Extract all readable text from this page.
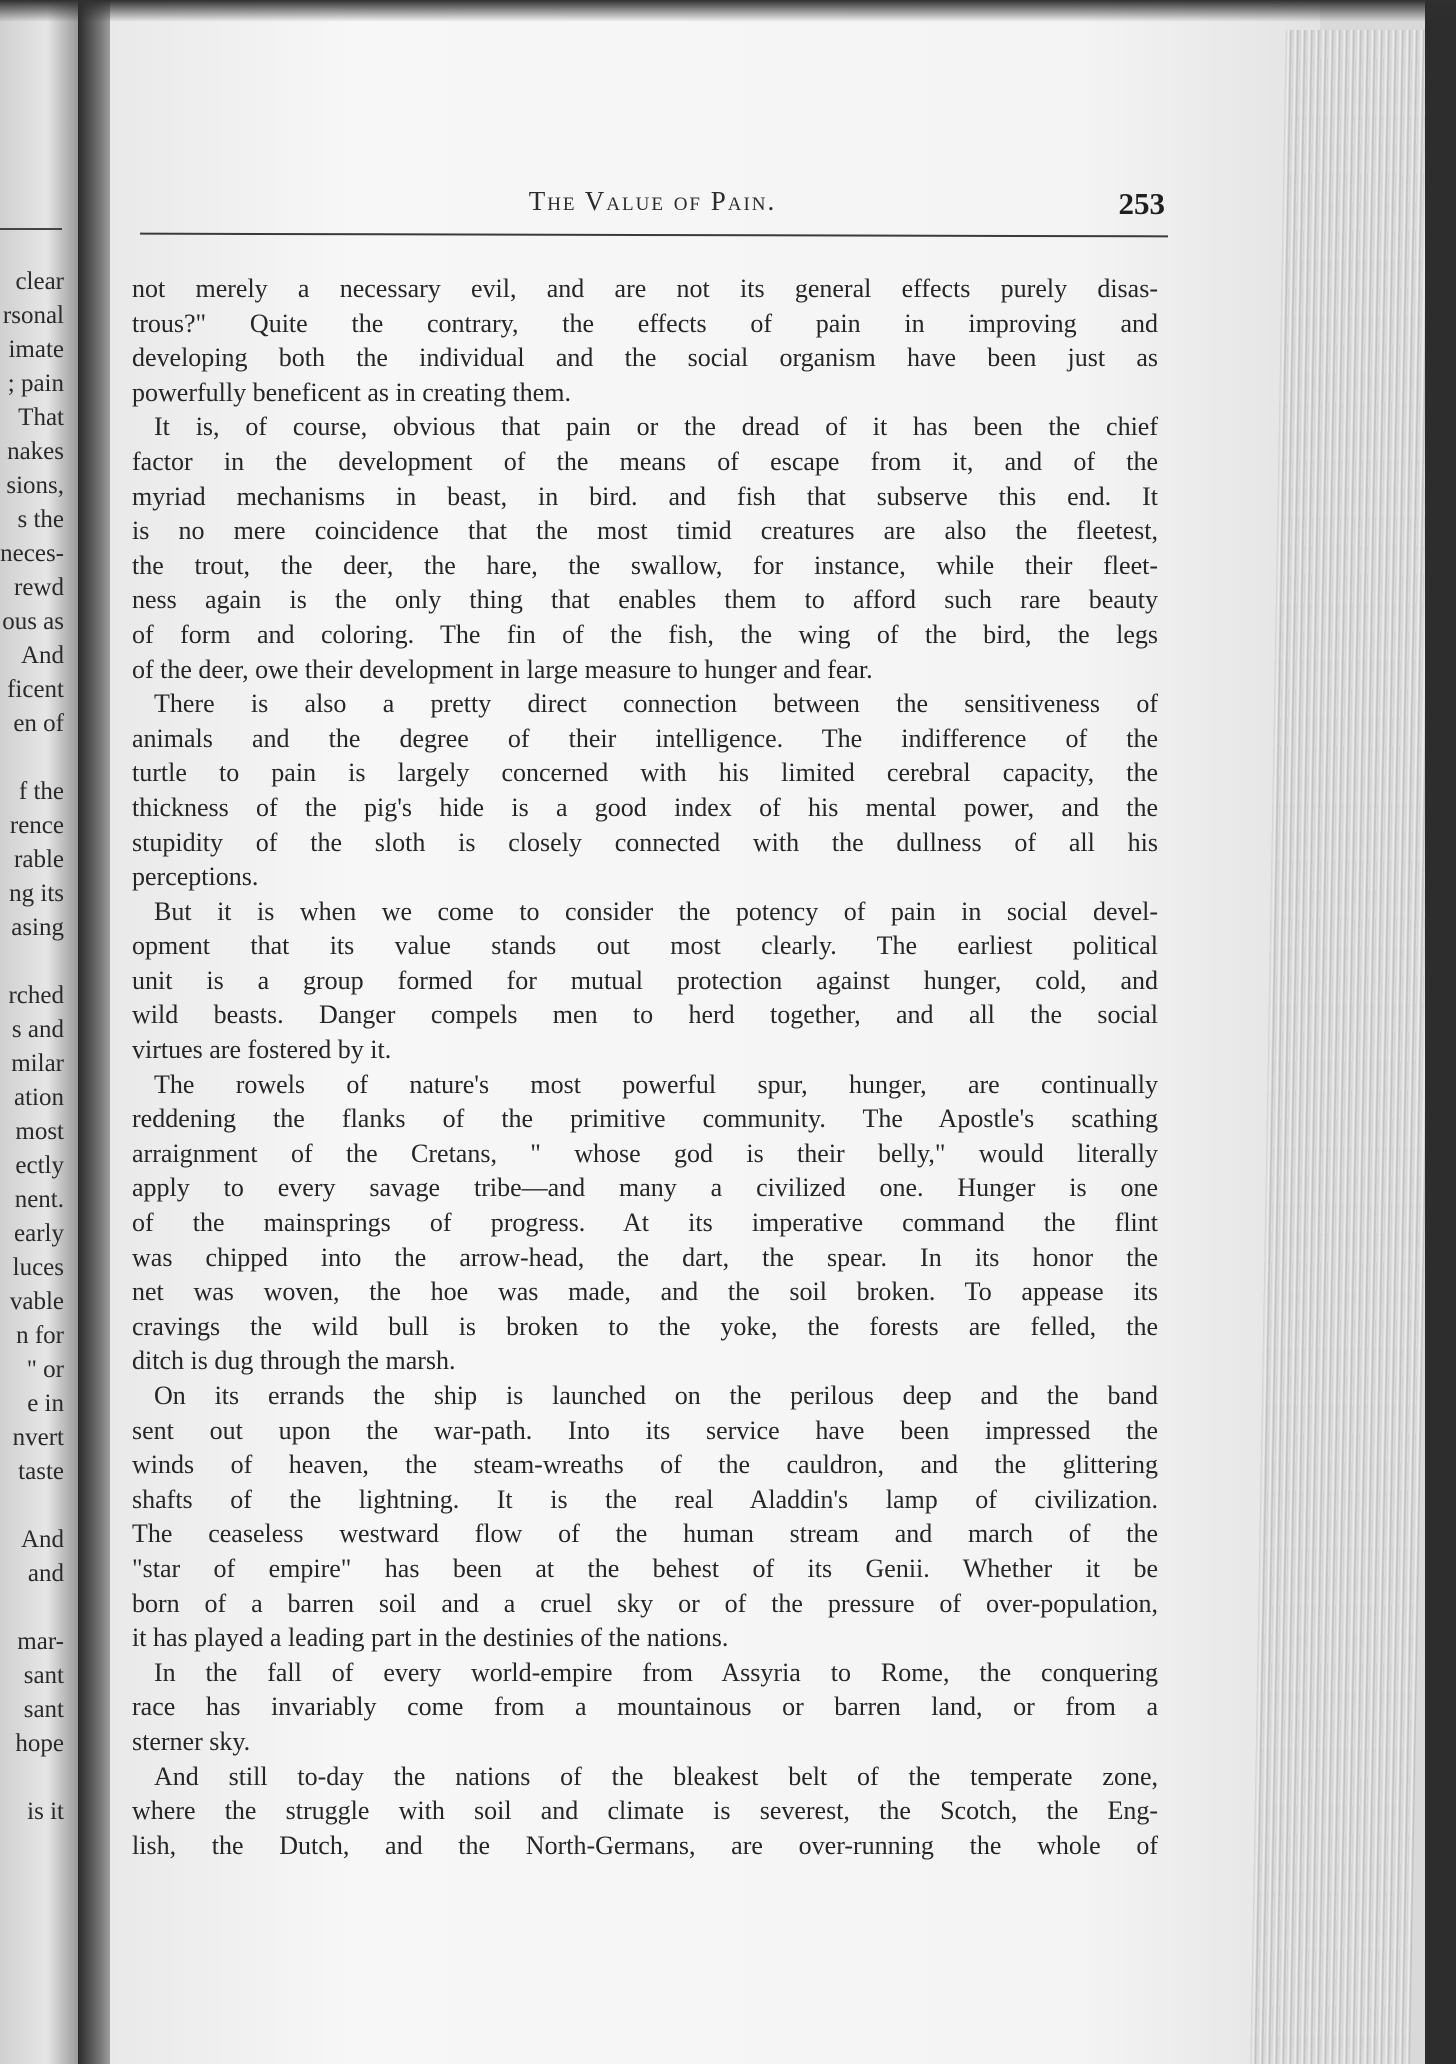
clear
rsonal
imate
; pain
That
nakes
sions,
s the
neces-
rewd
ous as
And
ficent
en of
f the
rence
rable
ng its
asing
rched
s and
milar
ation
most
ectly
nent.
early
luces
vable
n for
" or
e in
nvert
taste
And
and
mar-
sant
sant
hope
is it
The Value of Pain.	253
not merely a necessary evil, and are not its general effects purely disas-
trous?" Quite the contrary, the effects of pain in improving and
developing both the individual and the social organism have been just as
powerfully beneficent as in creating them.
It is, of course, obvious that pain or the dread of it has been the chief
factor in the development of the means of escape from it, and of the
myriad mechanisms in beast, in bird. and fish that subserve this end. It
is no mere coincidence that the most timid creatures are also the fleetest,
the trout, the deer, the hare, the swallow, for instance, while their fleet-
ness again is the only thing that enables them to afford such rare beauty
of form and coloring. The fin of the fish, the wing of the bird, the legs
of the deer, owe their development in large measure to hunger and fear.
There is also a pretty direct connection between the sensitiveness of
animals and the degree of their intelligence. The indifference of the
turtle to pain is largely concerned with his limited cerebral capacity, the
thickness of the pig's hide is a good index of his mental power, and the
stupidity of the sloth is closely connected with the dullness of all his
perceptions.
But it is when we come to consider the potency of pain in social devel-
opment that its value stands out most clearly. The earliest political
unit is a group formed for mutual protection against hunger, cold, and
wild beasts. Danger compels men to herd together, and all the social
virtues are fostered by it.
The rowels of nature's most powerful spur, hunger, are continually
reddening the flanks of the primitive community. The Apostle's scathing
arraignment of the Cretans, " whose god is their belly," would literally
apply to every savage tribe—and many a civilized one. Hunger is one
of the mainsprings of progress. At its imperative command the flint
was chipped into the arrow-head, the dart, the spear. In its honor the
net was woven, the hoe was made, and the soil broken. To appease its
cravings the wild bull is broken to the yoke, the forests are felled, the
ditch is dug through the marsh.
On its errands the ship is launched on the perilous deep and the band
sent out upon the war-path. Into its service have been impressed the
winds of heaven, the steam-wreaths of the cauldron, and the glittering
shafts of the lightning. It is the real Aladdin's lamp of civilization.
The ceaseless westward flow of the human stream and march of the
"star of empire" has been at the behest of its Genii. Whether it be
born of a barren soil and a cruel sky or of the pressure of over-population,
it has played a leading part in the destinies of the nations.
In the fall of every world-empire from Assyria to Rome, the conquering
race has invariably come from a mountainous or barren land, or from a
sterner sky.
And still to-day the nations of the bleakest belt of the temperate zone,
where the struggle with soil and climate is severest, the Scotch, the Eng-
lish, the Dutch, and the North-Germans, are over-running the whole of
